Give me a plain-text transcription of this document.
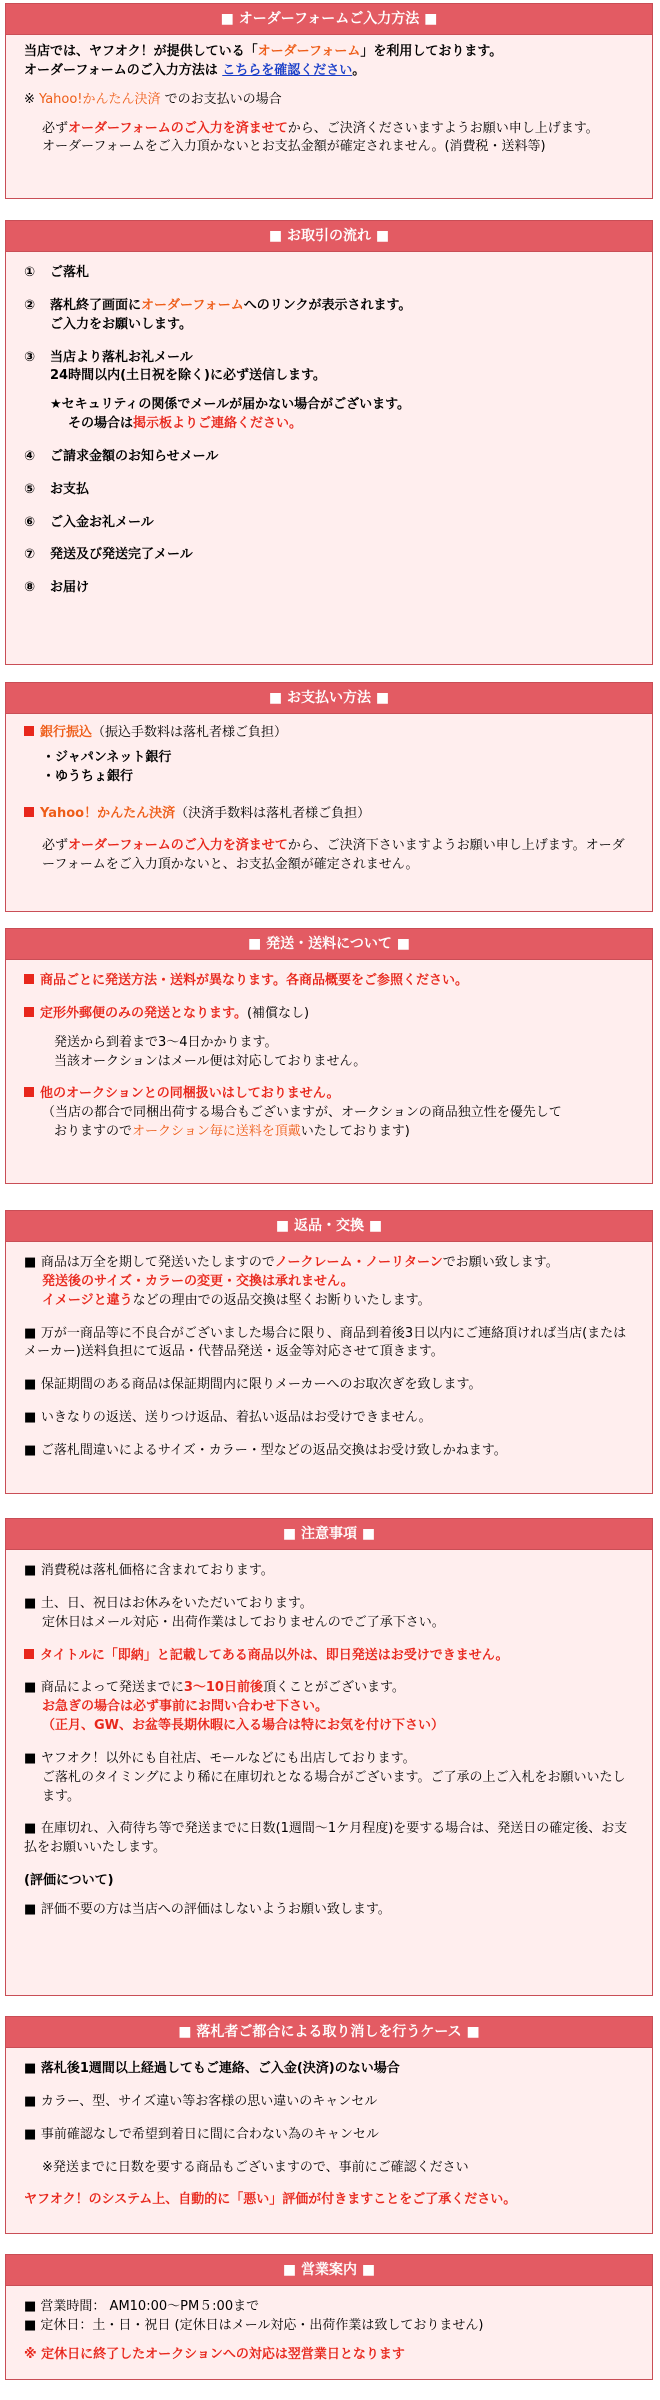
■ オーダーフォームご入力方法 ■

当店では、ヤフオク！が提供している「オーダーフォーム」を利用しております。

オーダーフォームのご入力方法は こちらを確認ください。

※ Yahoo!かんたん決済 でのお支払いの場合

必ずオーダーフォームのご入力を済ませてから、ご決済くださいますようお願い申し上げます。

オーダーフォームをご入力頂かないとお支払金額が確定されません。(消費税・送料等)

■ お取引の流れ ■

① ご落札

② 落札終了画面にオーダーフォームへのリンクが表示されます。

ご入力をお願いします。

③ 当店より落札お礼メール

24時間以内(土日祝を除く)に必ず送信します。

★セキュリティの関係でメールが届かない場合がございます。

その場合は掲示板よりご連絡ください。

④ ご請求金額のお知らせメール

⑤ お支払

⑥ ご入金お礼メール

⑦ 発送及び発送完了メール

⑧ お届け

■ お支払い方法 ■

銀行振込（振込手数料は落札者様ご負担）

・ジャパンネット銀行

・ゆうちょ銀行

Yahoo！かんたん決済（決済手数料は落札者様ご負担）

必ずオーダーフォームのご入力を済ませてから、ご決済下さいますようお願い申し上げます。オーダーフォームをご入力頂かないと、お支払金額が確定されません。

■ 発送・送料について ■

商品ごとに発送方法・送料が異なります。各商品概要をご参照ください。

定形外郵便のみの発送となります。(補償なし)

発送から到着まで3～4日かかります。

当該オークションはメール便は対応しておりません。

他のオークションとの同梱扱いはしておりません。

（当店の都合で同梱出荷する場合もございますが、オークションの商品独立性を優先して

おりますのでオークション毎に送料を頂戴いたしております)

■ 返品・交換 ■

■ 商品は万全を期して発送いたしますのでノークレーム・ノーリターンでお願い致します。

発送後のサイズ・カラーの変更・交換は承れません。

イメージと違うなどの理由での返品交換は堅くお断りいたします。

■ 万が一商品等に不良合がございました場合に限り、商品到着後3日以内にご連絡頂ければ当店(またはメーカー)送料負担にて返品・代替品発送・返金等対応させて頂きます。

■ 保証期間のある商品は保証期間内に限りメーカーへのお取次ぎを致します。

■ いきなりの返送、送りつけ返品、着払い返品はお受けできません。

■ ご落札間違いによるサイズ・カラー・型などの返品交換はお受け致しかねます。

■ 注意事項 ■

■ 消費税は落札価格に含まれております。

■ 土、日、祝日はお休みをいただいております。

定休日はメール対応・出荷作業はしておりませんのでご了承下さい。

タイトルに「即納」と記載してある商品以外は、即日発送はお受けできません。

■ 商品によって発送までに3～10日前後頂くことがございます。

お急ぎの場合は必ず事前にお問い合わせ下さい。

（正月、GW、お盆等長期休暇に入る場合は特にお気を付け下さい）

■ ヤフオク！以外にも自社店、モールなどにも出店しております。

ご落札のタイミングにより稀に在庫切れとなる場合がございます。ご了承の上ご入札をお願いいたします。

■ 在庫切れ、入荷待ち等で発送までに日数(1週間〜1ケ月程度)を要する場合は、発送日の確定後、お支払をお願いいたします。

(評価について)

■ 評価不要の方は当店への評価はしないようお願い致します。

■ 落札者ご都合による取り消しを行うケース ■

■ 落札後1週間以上経過してもご連絡、ご入金(決済)のない場合

■ カラー、型、サイズ違い等お客様の思い違いのキャンセル

■ 事前確認なしで希望到着日に間に合わない為のキャンセル

※発送までに日数を要する商品もございますので、事前にご確認ください

ヤフオク！のシステム上、自動的に「悪い」評価が付きますことをご了承ください。

■ 営業案内 ■

■ 営業時間： AM10:00〜PM５:00まで

■ 定休日：土・日・祝日 (定休日はメール対応・出荷作業は致しておりません)

※ 定休日に終了したオークションへの対応は翌営業日となります
